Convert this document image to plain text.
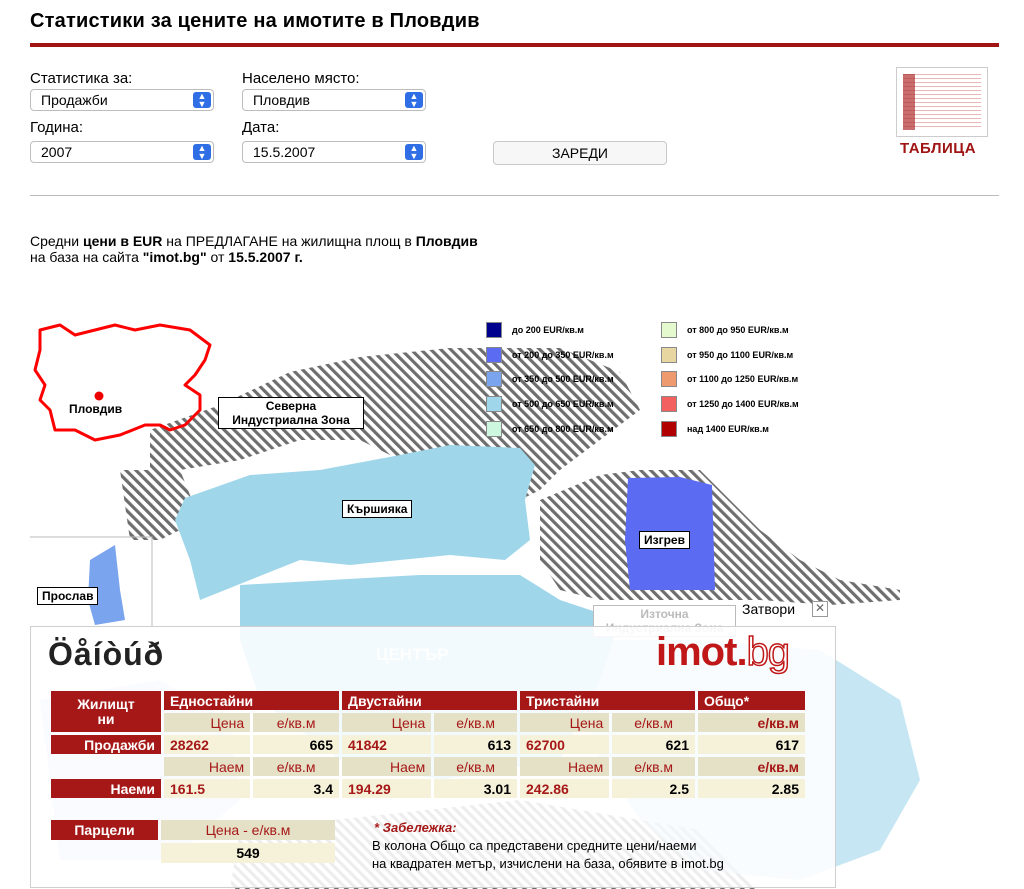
Статистики за цените на имотите в Пловдив
Статистика за:
Продажби	▲
▼
Населено място:
Пловдив	▲
▼
Година:
2007	▲
▼
Дата:
15.5.2007	▲
▼	ЗАРЕДИ	ТАБЛИЦА
Средни цени в EUR на ПРЕДЛАГАНЕ на жилищна площ в Пловдив
на база на сайта "imot.bg" от 15.5.2007 г.
Пловдив
до 200 EUR/кв.м
от 200 до 350 EUR/кв.м
от 350 до 500 EUR/кв.м
от 500 до 650 EUR/кв.м
от 650 до 800 EUR/кв.м
от 800 до 950 EUR/кв.м
от 950 до 1100 EUR/кв.м
от 1100 до 1250 EUR/кв.м
от 1250 до 1400 EUR/кв.м
над 1400 EUR/кв.м
Северна
Индустриална Зона
Кършияка
Изгрев
Прослав
Източна
ЦЕНТЪР
Затвори ✕
Öåíòúð	imot.bg
Жилищт
ни	Едностайни		Двустайни		Тристайни		Общо*
	Цена	е/кв.м	Цена	е/кв.м	Цена	е/кв.м	е/кв.м
Продажби	28262	665	41842	613	62700	621	617
	Наем	е/кв.м	Наем	е/кв.м	Наем	е/кв.м	е/кв.м
Наеми	161.5	3.4	194.29	3.01	242.86	2.5	2.85
Парцели	Цена - е/кв.м
549
* Забележка:
В колона Общо са представени средните цени/наеми
на квадратен метър, изчислени на база, обявите в imot.bg
